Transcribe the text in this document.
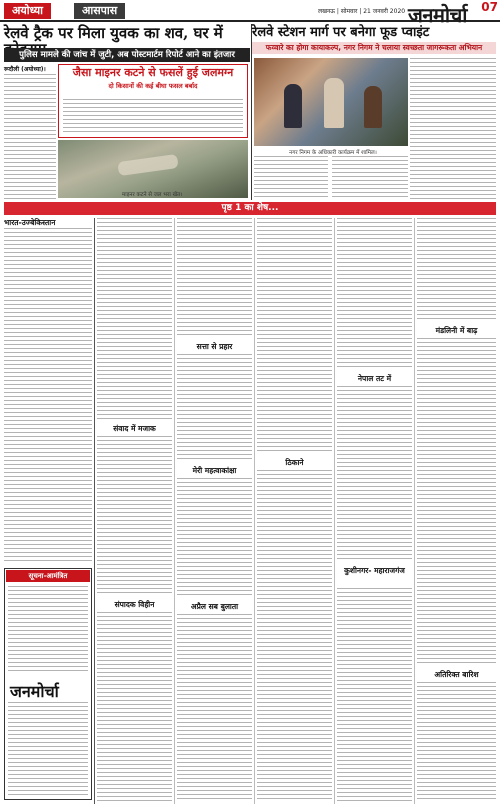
अयोध्या	आसपास	लखनऊ | सोमवार | 21 जनवरी 2020 जनमोर्चा 07
रेलवे ट्रैक पर मिला युवक का शव, घर में
पुलिस मामले की जांच में जुटी, अब पोस्टमार्टम रिपोर्ट आने का इंतजार
रूदौली (अयोध्या)।	जैसा माइनर कटने से फसलें हुई जलमग्न
दो किसानों की कई बीघा फसल बर्बाद
माइनर कटने से जल भरा खेत।
रेलवे स्टेशन मार्ग पर बनेगा फूड प्वाइंट
फव्वारे का होगा कायाकल्प, नगर निगम ने चलाया स्वच्छता जागरूकता अभियान
नगर निगम के अधिकारी कार्यक्रम में शामिल।
पृष्ठ 1 का शेष...
भारत-उज्बेकिस्तान
सूचना-आमंत्रित
जनमोर्चा
संवाद में मजाक
संपादक विहीन
सत्ता से प्रहार
मेरी महत्वाकांक्षा
अप्रैल सब बुलाता
ठिकाने
नेपाल तट में
कुशीनगर- महाराजगंज
मंडलिनी में बाढ़
अतिरिक्त बारिश
